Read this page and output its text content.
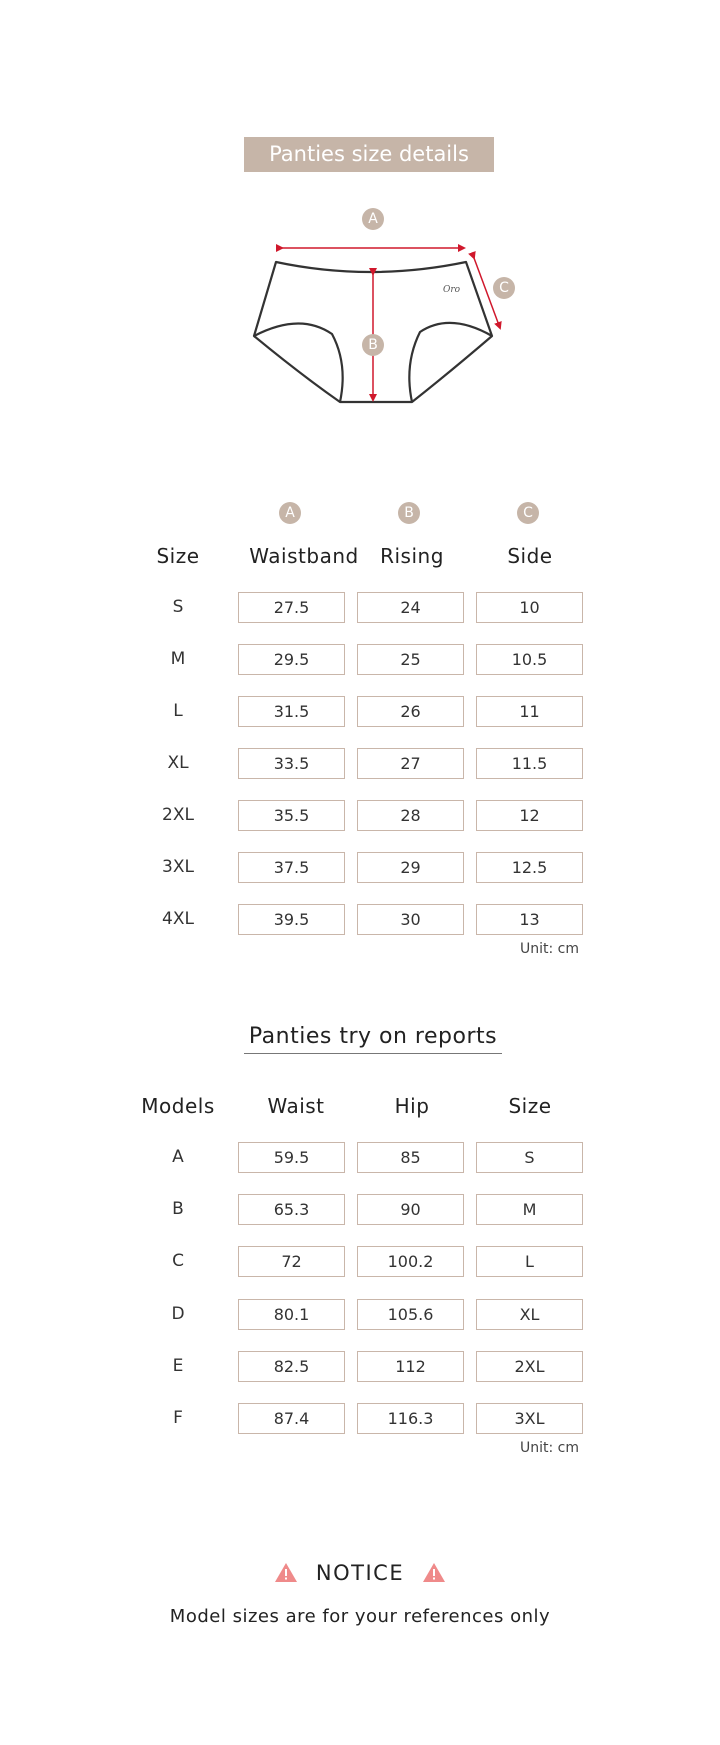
Panties size details
Oro
A
B
C
A	B	C
Size	Waistband	Rising	Side
S	27.5	24	10
M	29.5	25	10.5
L	31.5	26	11
XL	33.5	27	11.5
2XL	35.5	28	12
3XL	37.5	29	12.5
4XL	39.5	30	13
Unit: cm
Panties try on reports
Models	Waist	Hip	Size
A	59.5	85	S
B	65.3	90	M
C	72	100.2	L
D	80.1	105.6	XL
E	82.5	112	2XL
F	87.4	116.3	3XL
Unit: cm
NOTICE
Model sizes are for your references only
